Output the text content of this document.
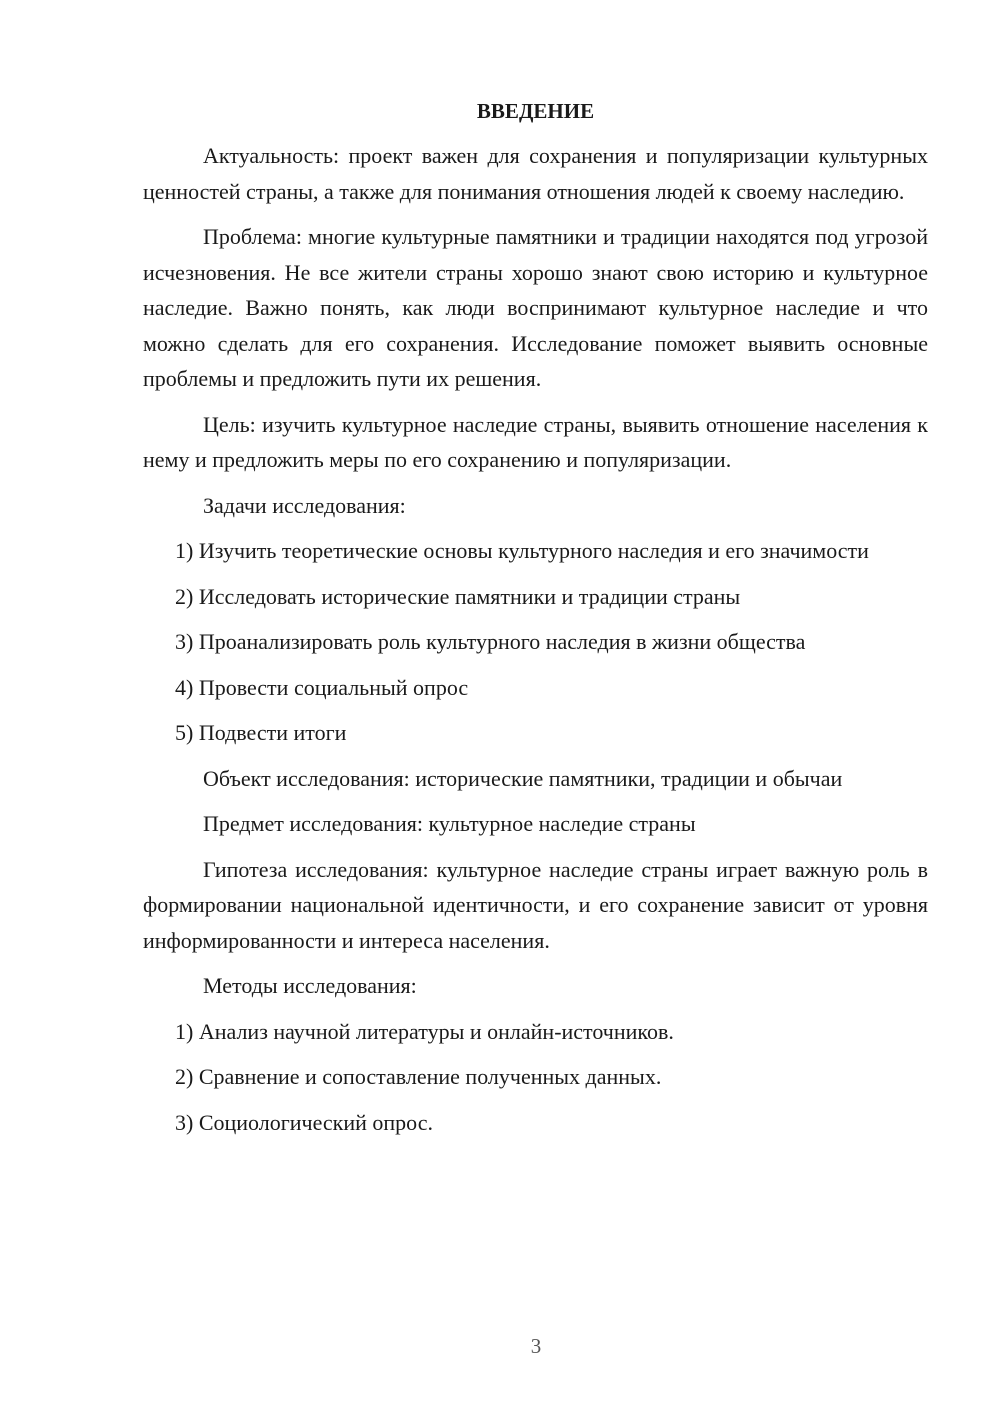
ВВЕДЕНИЕ

Актуальность: проект важен для сохранения и популяризации культурных ценностей страны, а также для понимания отношения людей к своему наследию.

Проблема: многие культурные памятники и традиции находятся под угрозой исчезновения. Не все жители страны хорошо знают свою историю и культурное наследие. Важно понять, как люди воспринимают культурное наследие и что можно сделать для его сохранения. Исследование поможет выявить основные проблемы и предложить пути их решения.

Цель: изучить культурное наследие страны, выявить отношение населения к нему и предложить меры по его сохранению и популяризации.

Задачи исследования:

1) Изучить теоретические основы культурного наследия и его значимости

2) Исследовать исторические памятники и традиции страны
3) Проанализировать роль культурного наследия в жизни общества
4) Провести социальный опрос
5) Подвести итоги
Объект исследования: исторические памятники, традиции и обычаи
Предмет исследования: культурное наследие страны

Гипотеза исследования: культурное наследие страны играет важную роль в формировании национальной идентичности, и его сохранение зависит от уровня информированности и интереса населения.

Методы исследования:
1) Анализ научной литературы и онлайн-источников.
2) Сравнение и сопоставление полученных данных.
3) Социологический опрос.
3
